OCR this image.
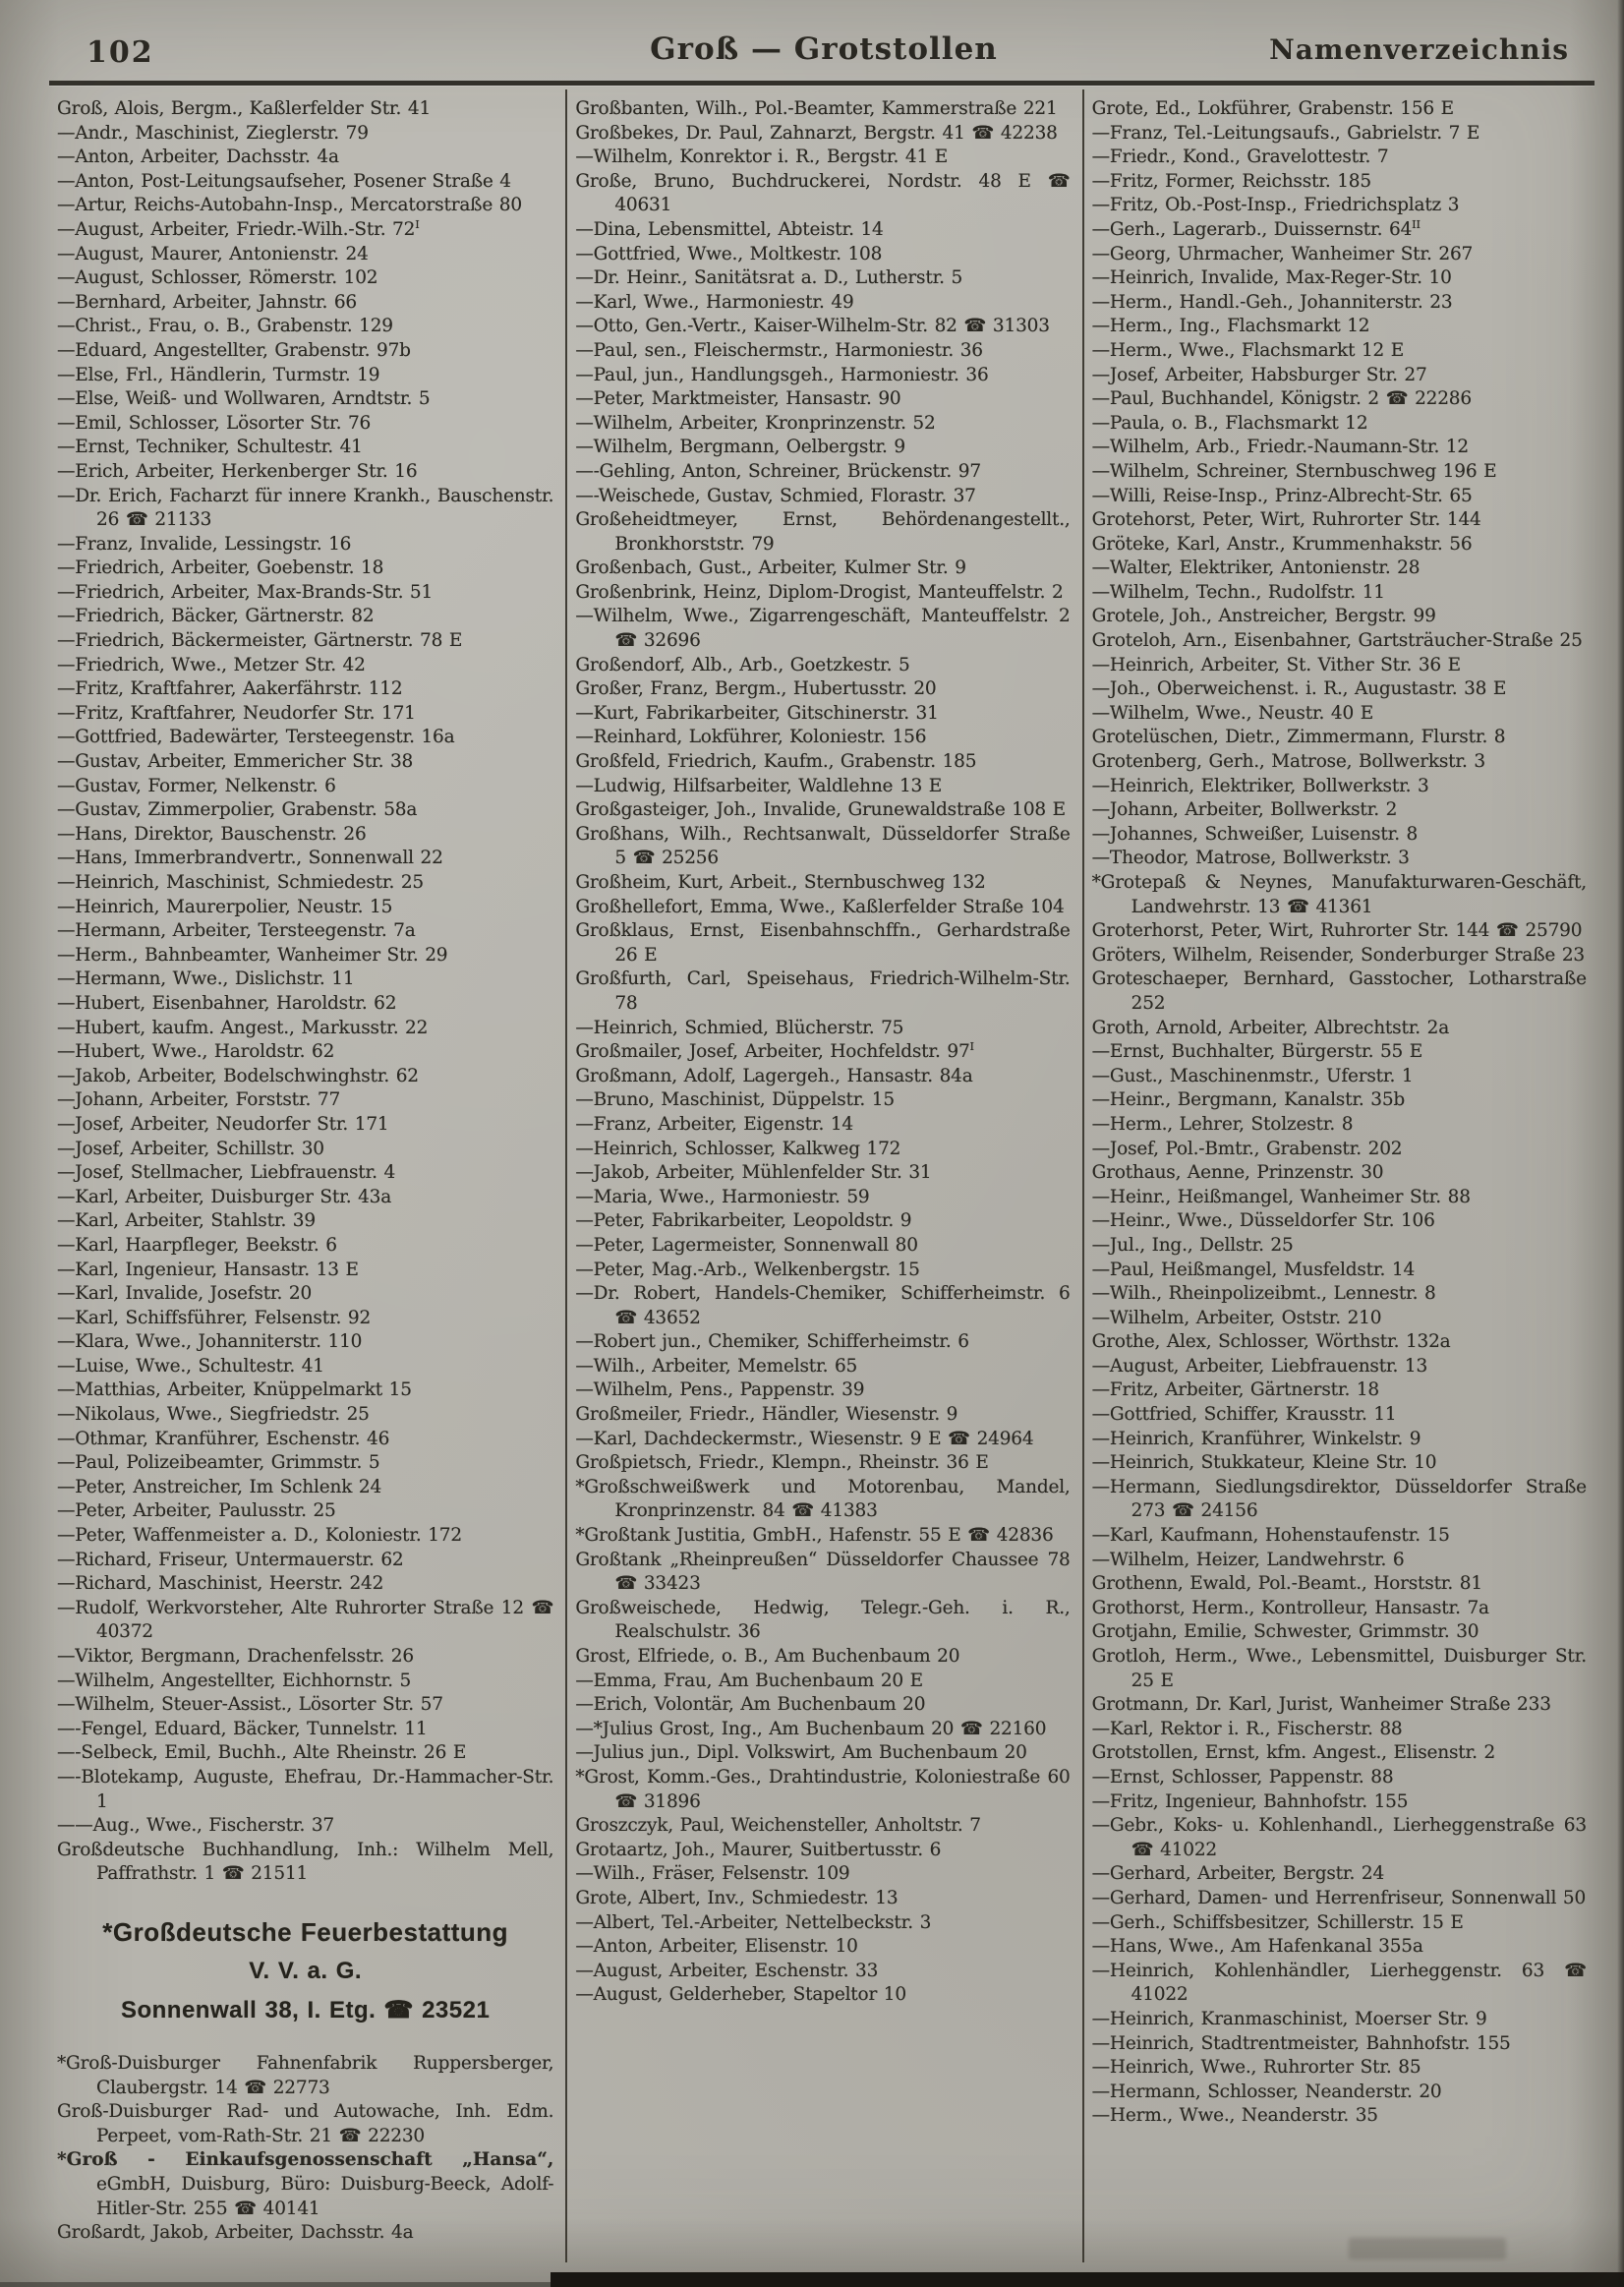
102	Groß — Grotstollen	Namenverzeichnis

Groß, Alois, Bergm., Kaßlerfelder Str. 41

—Andr., Maschinist, Zieglerstr. 79

—Anton, Arbeiter, Dachsstr. 4a

—Anton, Post-Leitungsaufseher, Posener Straße 4

—Artur, Reichs-Autobahn-Insp., Mercatorstraße 80

—August, Arbeiter, Friedr.-Wilh.-Str. $72^I$

—August, Maurer, Antonienstr. 24

—August, Schlosser, Römerstr. 102

—Bernhard, Arbeiter, Jahnstr. 66

—Christ., Frau, o. B., Grabenstr. 129

—Eduard, Angestellter, Grabenstr. 97b

—Else, Frl., Händlerin, Turmstr. 19

—Else, Weiß- und Wollwaren, Arndtstr. 5

—Emil, Schlosser, Lösorter Str. 76

—Ernst, Techniker, Schultestr. 41

—Erich, Arbeiter, Herkenberger Str. 16

—Dr. Erich, Facharzt für innere Krankh., Bauschenstr. 26 ☎ 21133

—Franz, Invalide, Lessingstr. 16

—Friedrich, Arbeiter, Goebenstr. 18

—Friedrich, Arbeiter, Max-Brands-Str. 51

—Friedrich, Bäcker, Gärtnerstr. 82

—Friedrich, Bäckermeister, Gärtnerstr. 78 E

—Friedrich, Wwe., Metzer Str. 42

—Fritz, Kraftfahrer, Aakerfährstr. 112

—Fritz, Kraftfahrer, Neudorfer Str. 171

—Gottfried, Badewärter, Tersteegenstr. 16a

—Gustav, Arbeiter, Emmericher Str. 38

—Gustav, Former, Nelkenstr. 6

—Gustav, Zimmerpolier, Grabenstr. 58a

—Hans, Direktor, Bauschenstr. 26

—Hans, Immerbrandvertr., Sonnenwall 22

—Heinrich, Maschinist, Schmiedestr. 25

—Heinrich, Maurerpolier, Neustr. 15

—Hermann, Arbeiter, Tersteegenstr. 7a

—Herm., Bahnbeamter, Wanheimer Str. 29

—Hermann, Wwe., Dislichstr. 11

—Hubert, Eisenbahner, Haroldstr. 62

—Hubert, kaufm. Angest., Markusstr. 22

—Hubert, Wwe., Haroldstr. 62

—Jakob, Arbeiter, Bodelschwinghstr. 62

—Johann, Arbeiter, Forststr. 77

—Josef, Arbeiter, Neudorfer Str. 171

—Josef, Arbeiter, Schillstr. 30

—Josef, Stellmacher, Liebfrauenstr. 4

—Karl, Arbeiter, Duisburger Str. 43a

—Karl, Arbeiter, Stahlstr. 39

—Karl, Haarpfleger, Beekstr. 6

—Karl, Ingenieur, Hansastr. 13 E

—Karl, Invalide, Josefstr. 20

—Karl, Schiffsführer, Felsenstr. 92

—Klara, Wwe., Johanniterstr. 110

—Luise, Wwe., Schultestr. 41

—Matthias, Arbeiter, Knüppelmarkt 15

—Nikolaus, Wwe., Siegfriedstr. 25

—Othmar, Kranführer, Eschenstr. 46

—Paul, Polizeibeamter, Grimmstr. 5

—Peter, Anstreicher, Im Schlenk 24

—Peter, Arbeiter, Paulusstr. 25

—Peter, Waffenmeister a. D., Koloniestr. 172

—Richard, Friseur, Untermauerstr. 62

—Richard, Maschinist, Heerstr. 242

—Rudolf, Werkvorsteher, Alte Ruhrorter Straße 12 ☎ 40372

—Viktor, Bergmann, Drachenfelsstr. 26

—Wilhelm, Angestellter, Eichhornstr. 5

—Wilhelm, Steuer-Assist., Lösorter Str. 57

—-Fengel, Eduard, Bäcker, Tunnelstr. 11

—-Selbeck, Emil, Buchh., Alte Rheinstr. 26 E

—-Blotekamp, Auguste, Ehefrau, Dr.-Hammacher-Str. 1

——Aug., Wwe., Fischerstr. 37

Großdeutsche Buchhandlung, Inh.: Wilhelm Mell, Paffrathstr. 1 ☎ 21511

*Großdeutsche Feuerbestattung
V. V. a. G.
Sonnenwall 38, I. Etg. ☎ 23521

*Groß-Duisburger Fahnenfabrik Ruppersberger, Claubergstr. 14 ☎ 22773

Groß-Duisburger Rad- und Autowache, Inh. Edm. Perpeet, vom-Rath-Str. 21 ☎ 22230

*Groß - Einkaufsgenossenschaft „Hansa“, eGmbH, Duisburg, Büro: Duisburg-Beeck, Adolf-Hitler-Str. 255 ☎ 40141

Großardt, Jakob, Arbeiter, Dachsstr. 4a

Großbanten, Wilh., Pol.-Beamter, Kammerstraße 221

Großbekes, Dr. Paul, Zahnarzt, Bergstr. 41 ☎ 42238

—Wilhelm, Konrektor i. R., Bergstr. 41 E

Große, Bruno, Buchdruckerei, Nordstr. 48 E ☎ 40631

—Dina, Lebensmittel, Abteistr. 14

—Gottfried, Wwe., Moltkestr. 108

—Dr. Heinr., Sanitätsrat a. D., Lutherstr. 5

—Karl, Wwe., Harmoniestr. 49

—Otto, Gen.-Vertr., Kaiser-Wilhelm-Str. 82 ☎ 31303

—Paul, sen., Fleischermstr., Harmoniestr. 36

—Paul, jun., Handlungsgeh., Harmoniestr. 36

—Peter, Marktmeister, Hansastr. 90

—Wilhelm, Arbeiter, Kronprinzenstr. 52

—Wilhelm, Bergmann, Oelbergstr. 9

—-Gehling, Anton, Schreiner, Brückenstr. 97

—-Weischede, Gustav, Schmied, Florastr. 37

Großeheidtmeyer, Ernst, Behördenangestellt., Bronkhorststr. 79

Großenbach, Gust., Arbeiter, Kulmer Str. 9

Großenbrink, Heinz, Diplom-Drogist, Manteuffelstr. 2

—Wilhelm, Wwe., Zigarrengeschäft, Manteuffelstr. 2 ☎ 32696

Großendorf, Alb., Arb., Goetzkestr. 5

Großer, Franz, Bergm., Hubertusstr. 20

—Kurt, Fabrikarbeiter, Gitschinerstr. 31

—Reinhard, Lokführer, Koloniestr. 156

Großfeld, Friedrich, Kaufm., Grabenstr. 185

—Ludwig, Hilfsarbeiter, Waldlehne 13 E

Großgasteiger, Joh., Invalide, Grunewaldstraße 108 E

Großhans, Wilh., Rechtsanwalt, Düsseldorfer Straße 5 ☎ 25256

Großheim, Kurt, Arbeit., Sternbuschweg 132

Großhellefort, Emma, Wwe., Kaßlerfelder Straße 104

Großklaus, Ernst, Eisenbahnschffn., Gerhardstraße 26 E

Großfurth, Carl, Speisehaus, Friedrich-Wilhelm-Str. 78

—Heinrich, Schmied, Blücherstr. 75

Großmailer, Josef, Arbeiter, Hochfeldstr. $97^I$

Großmann, Adolf, Lagergeh., Hansastr. 84a

—Bruno, Maschinist, Düppelstr. 15

—Franz, Arbeiter, Eigenstr. 14

—Heinrich, Schlosser, Kalkweg 172

—Jakob, Arbeiter, Mühlenfelder Str. 31

—Maria, Wwe., Harmoniestr. 59

—Peter, Fabrikarbeiter, Leopoldstr. 9

—Peter, Lagermeister, Sonnenwall 80

—Peter, Mag.-Arb., Welkenbergstr. 15

—Dr. Robert, Handels-Chemiker, Schifferheimstr. 6 ☎ 43652

—Robert jun., Chemiker, Schifferheimstr. 6

—Wilh., Arbeiter, Memelstr. 65

—Wilhelm, Pens., Pappenstr. 39

Großmeiler, Friedr., Händler, Wiesenstr. 9

—Karl, Dachdeckermstr., Wiesenstr. 9 E ☎ 24964

Großpietsch, Friedr., Klempn., Rheinstr. 36 E

*Großschweißwerk und Motorenbau, Mandel, Kronprinzenstr. 84 ☎ 41383

*Großtank Justitia, GmbH., Hafenstr. 55 E ☎ 42836

Großtank „Rheinpreußen“ Düsseldorfer Chaussee 78 ☎ 33423

Großweischede, Hedwig, Telegr.-Geh. i. R., Realschulstr. 36

Grost, Elfriede, o. B., Am Buchenbaum 20

—Emma, Frau, Am Buchenbaum 20 E

—Erich, Volontär, Am Buchenbaum 20

—*Julius Grost, Ing., Am Buchenbaum 20 ☎ 22160

—Julius jun., Dipl. Volkswirt, Am Buchenbaum 20

*Grost, Komm.-Ges., Drahtindustrie, Koloniestraße 60 ☎ 31896

Groszczyk, Paul, Weichensteller, Anholtstr. 7

Grotaartz, Joh., Maurer, Suitbertusstr. 6

—Wilh., Fräser, Felsenstr. 109

Grote, Albert, Inv., Schmiedestr. 13

—Albert, Tel.-Arbeiter, Nettelbeckstr. 3

—Anton, Arbeiter, Elisenstr. 10

—August, Arbeiter, Eschenstr. 33

—August, Gelderheber, Stapeltor 10

Grote, Ed., Lokführer, Grabenstr. 156 E

—Franz, Tel.-Leitungsaufs., Gabrielstr. 7 E

—Friedr., Kond., Gravelottestr. 7

—Fritz, Former, Reichsstr. 185

—Fritz, Ob.-Post-Insp., Friedrichsplatz 3

—Gerh., Lagerarb., Duissernstr. $64^{II}$

—Georg, Uhrmacher, Wanheimer Str. 267

—Heinrich, Invalide, Max-Reger-Str. 10

—Herm., Handl.-Geh., Johanniterstr. 23

—Herm., Ing., Flachsmarkt 12

—Herm., Wwe., Flachsmarkt 12 E

—Josef, Arbeiter, Habsburger Str. 27

—Paul, Buchhandel, Königstr. 2 ☎ 22286

—Paula, o. B., Flachsmarkt 12

—Wilhelm, Arb., Friedr.-Naumann-Str. 12

—Wilhelm, Schreiner, Sternbuschweg 196 E

—Willi, Reise-Insp., Prinz-Albrecht-Str. 65

Grotehorst, Peter, Wirt, Ruhrorter Str. 144

Gröteke, Karl, Anstr., Krummenhakstr. 56

—Walter, Elektriker, Antonienstr. 28

—Wilhelm, Techn., Rudolfstr. 11

Grotele, Joh., Anstreicher, Bergstr. 99

Groteloh, Arn., Eisenbahner, Gartsträucher-Straße 25

—Heinrich, Arbeiter, St. Vither Str. 36 E

—Joh., Oberweichenst. i. R., Augustastr. 38 E

—Wilhelm, Wwe., Neustr. 40 E

Grotelüschen, Dietr., Zimmermann, Flurstr. 8

Grotenberg, Gerh., Matrose, Bollwerkstr. 3

—Heinrich, Elektriker, Bollwerkstr. 3

—Johann, Arbeiter, Bollwerkstr. 2

—Johannes, Schweißer, Luisenstr. 8

—Theodor, Matrose, Bollwerkstr. 3

*Grotepaß & Neynes, Manufakturwaren-Geschäft, Landwehrstr. 13 ☎ 41361

Groterhorst, Peter, Wirt, Ruhrorter Str. 144 ☎ 25790

Gröters, Wilhelm, Reisender, Sonderburger Straße 23

Groteschaeper, Bernhard, Gasstocher, Lotharstraße 252

Groth, Arnold, Arbeiter, Albrechtstr. 2a

—Ernst, Buchhalter, Bürgerstr. 55 E

—Gust., Maschinenmstr., Uferstr. 1

—Heinr., Bergmann, Kanalstr. 35b

—Herm., Lehrer, Stolzestr. 8

—Josef, Pol.-Bmtr., Grabenstr. 202

Grothaus, Aenne, Prinzenstr. 30

—Heinr., Heißmangel, Wanheimer Str. 88

—Heinr., Wwe., Düsseldorfer Str. 106

—Jul., Ing., Dellstr. 25

—Paul, Heißmangel, Musfeldstr. 14

—Wilh., Rheinpolizeibmt., Lennestr. 8

—Wilhelm, Arbeiter, Oststr. 210

Grothe, Alex, Schlosser, Wörthstr. 132a

—August, Arbeiter, Liebfrauenstr. 13

—Fritz, Arbeiter, Gärtnerstr. 18

—Gottfried, Schiffer, Krausstr. 11

—Heinrich, Kranführer, Winkelstr. 9

—Heinrich, Stukkateur, Kleine Str. 10

—Hermann, Siedlungsdirektor, Düsseldorfer Straße 273 ☎ 24156

—Karl, Kaufmann, Hohenstaufenstr. 15

—Wilhelm, Heizer, Landwehrstr. 6

Grothenn, Ewald, Pol.-Beamt., Horststr. 81

Grothorst, Herm., Kontrolleur, Hansastr. 7a

Grotjahn, Emilie, Schwester, Grimmstr. 30

Grotloh, Herm., Wwe., Lebensmittel, Duisburger Str. 25 E

Grotmann, Dr. Karl, Jurist, Wanheimer Straße 233

—Karl, Rektor i. R., Fischerstr. 88

Grotstollen, Ernst, kfm. Angest., Elisenstr. 2

—Ernst, Schlosser, Pappenstr. 88

—Fritz, Ingenieur, Bahnhofstr. 155

—Gebr., Koks- u. Kohlenhandl., Lierheggenstraße 63 ☎ 41022

—Gerhard, Arbeiter, Bergstr. 24

—Gerhard, Damen- und Herrenfriseur, Sonnenwall 50

—Gerh., Schiffsbesitzer, Schillerstr. 15 E

—Hans, Wwe., Am Hafenkanal 355a

—Heinrich, Kohlenhändler, Lierheggenstr. 63 ☎ 41022

—Heinrich, Kranmaschinist, Moerser Str. 9

—Heinrich, Stadtrentmeister, Bahnhofstr. 155

—Heinrich, Wwe., Ruhrorter Str. 85

—Hermann, Schlosser, Neanderstr. 20

—Herm., Wwe., Neanderstr. 35
